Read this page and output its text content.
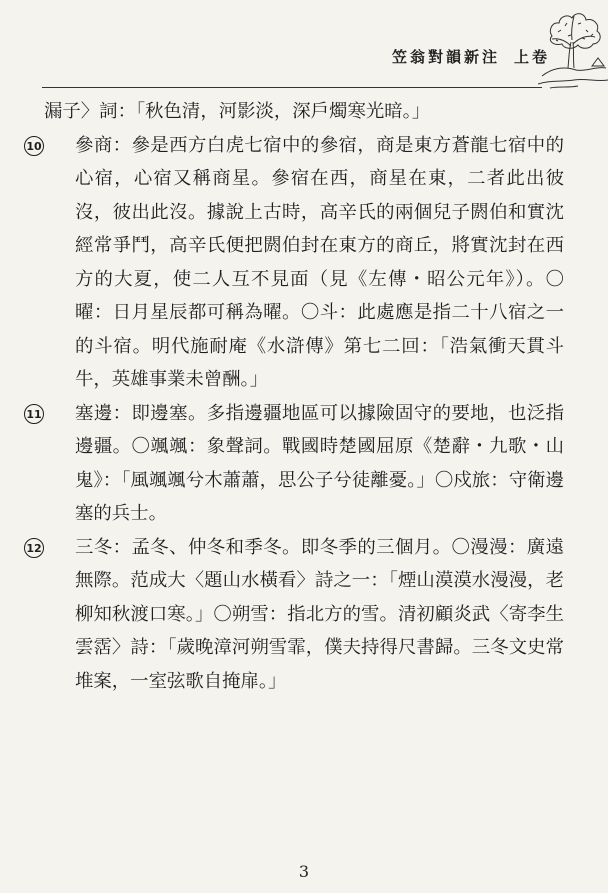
笠翁對韻新注 上卷
漏子〉詞：「秋色清，河影淡，深戶燭寒光暗。」
10 參商：參是西方白虎七宿中的參宿，商是東方蒼龍七宿中的心宿，心宿又稱商星。參宿在西，商星在東，二者此出彼沒，彼出此沒。據說上古時，高辛氏的兩個兒子閼伯和實沈經常爭鬥，高辛氏便把閼伯封在東方的商丘，將實沈封在西方的大夏，使二人互不見面（見《左傳・昭公元年》）。〇曜：日月星辰都可稱為曜。〇斗：此處應是指二十八宿之一的斗宿。明代施耐庵《水滸傳》第七二回：「浩氣衝天貫斗牛，英雄事業未曾酬。」
11 塞邊：即邊塞。多指邊疆地區可以據險固守的要地，也泛指邊疆。〇颯颯：象聲詞。戰國時楚國屈原《楚辭・九歌・山鬼》：「風颯颯兮木蕭蕭，思公子兮徒離憂。」〇戍旅：守衛邊塞的兵士。
12 三冬：孟冬、仲冬和季冬。即冬季的三個月。〇漫漫：廣遠無際。范成大〈題山水橫看〉詩之一：「煙山漠漠水漫漫，老柳知秋渡口寒。」〇朔雪：指北方的雪。清初顧炎武〈寄李生雲霑〉詩：「歲晚漳河朔雪霏，僕夫持得尺書歸。三冬文史常堆案，一室弦歌自掩扉。」
3
